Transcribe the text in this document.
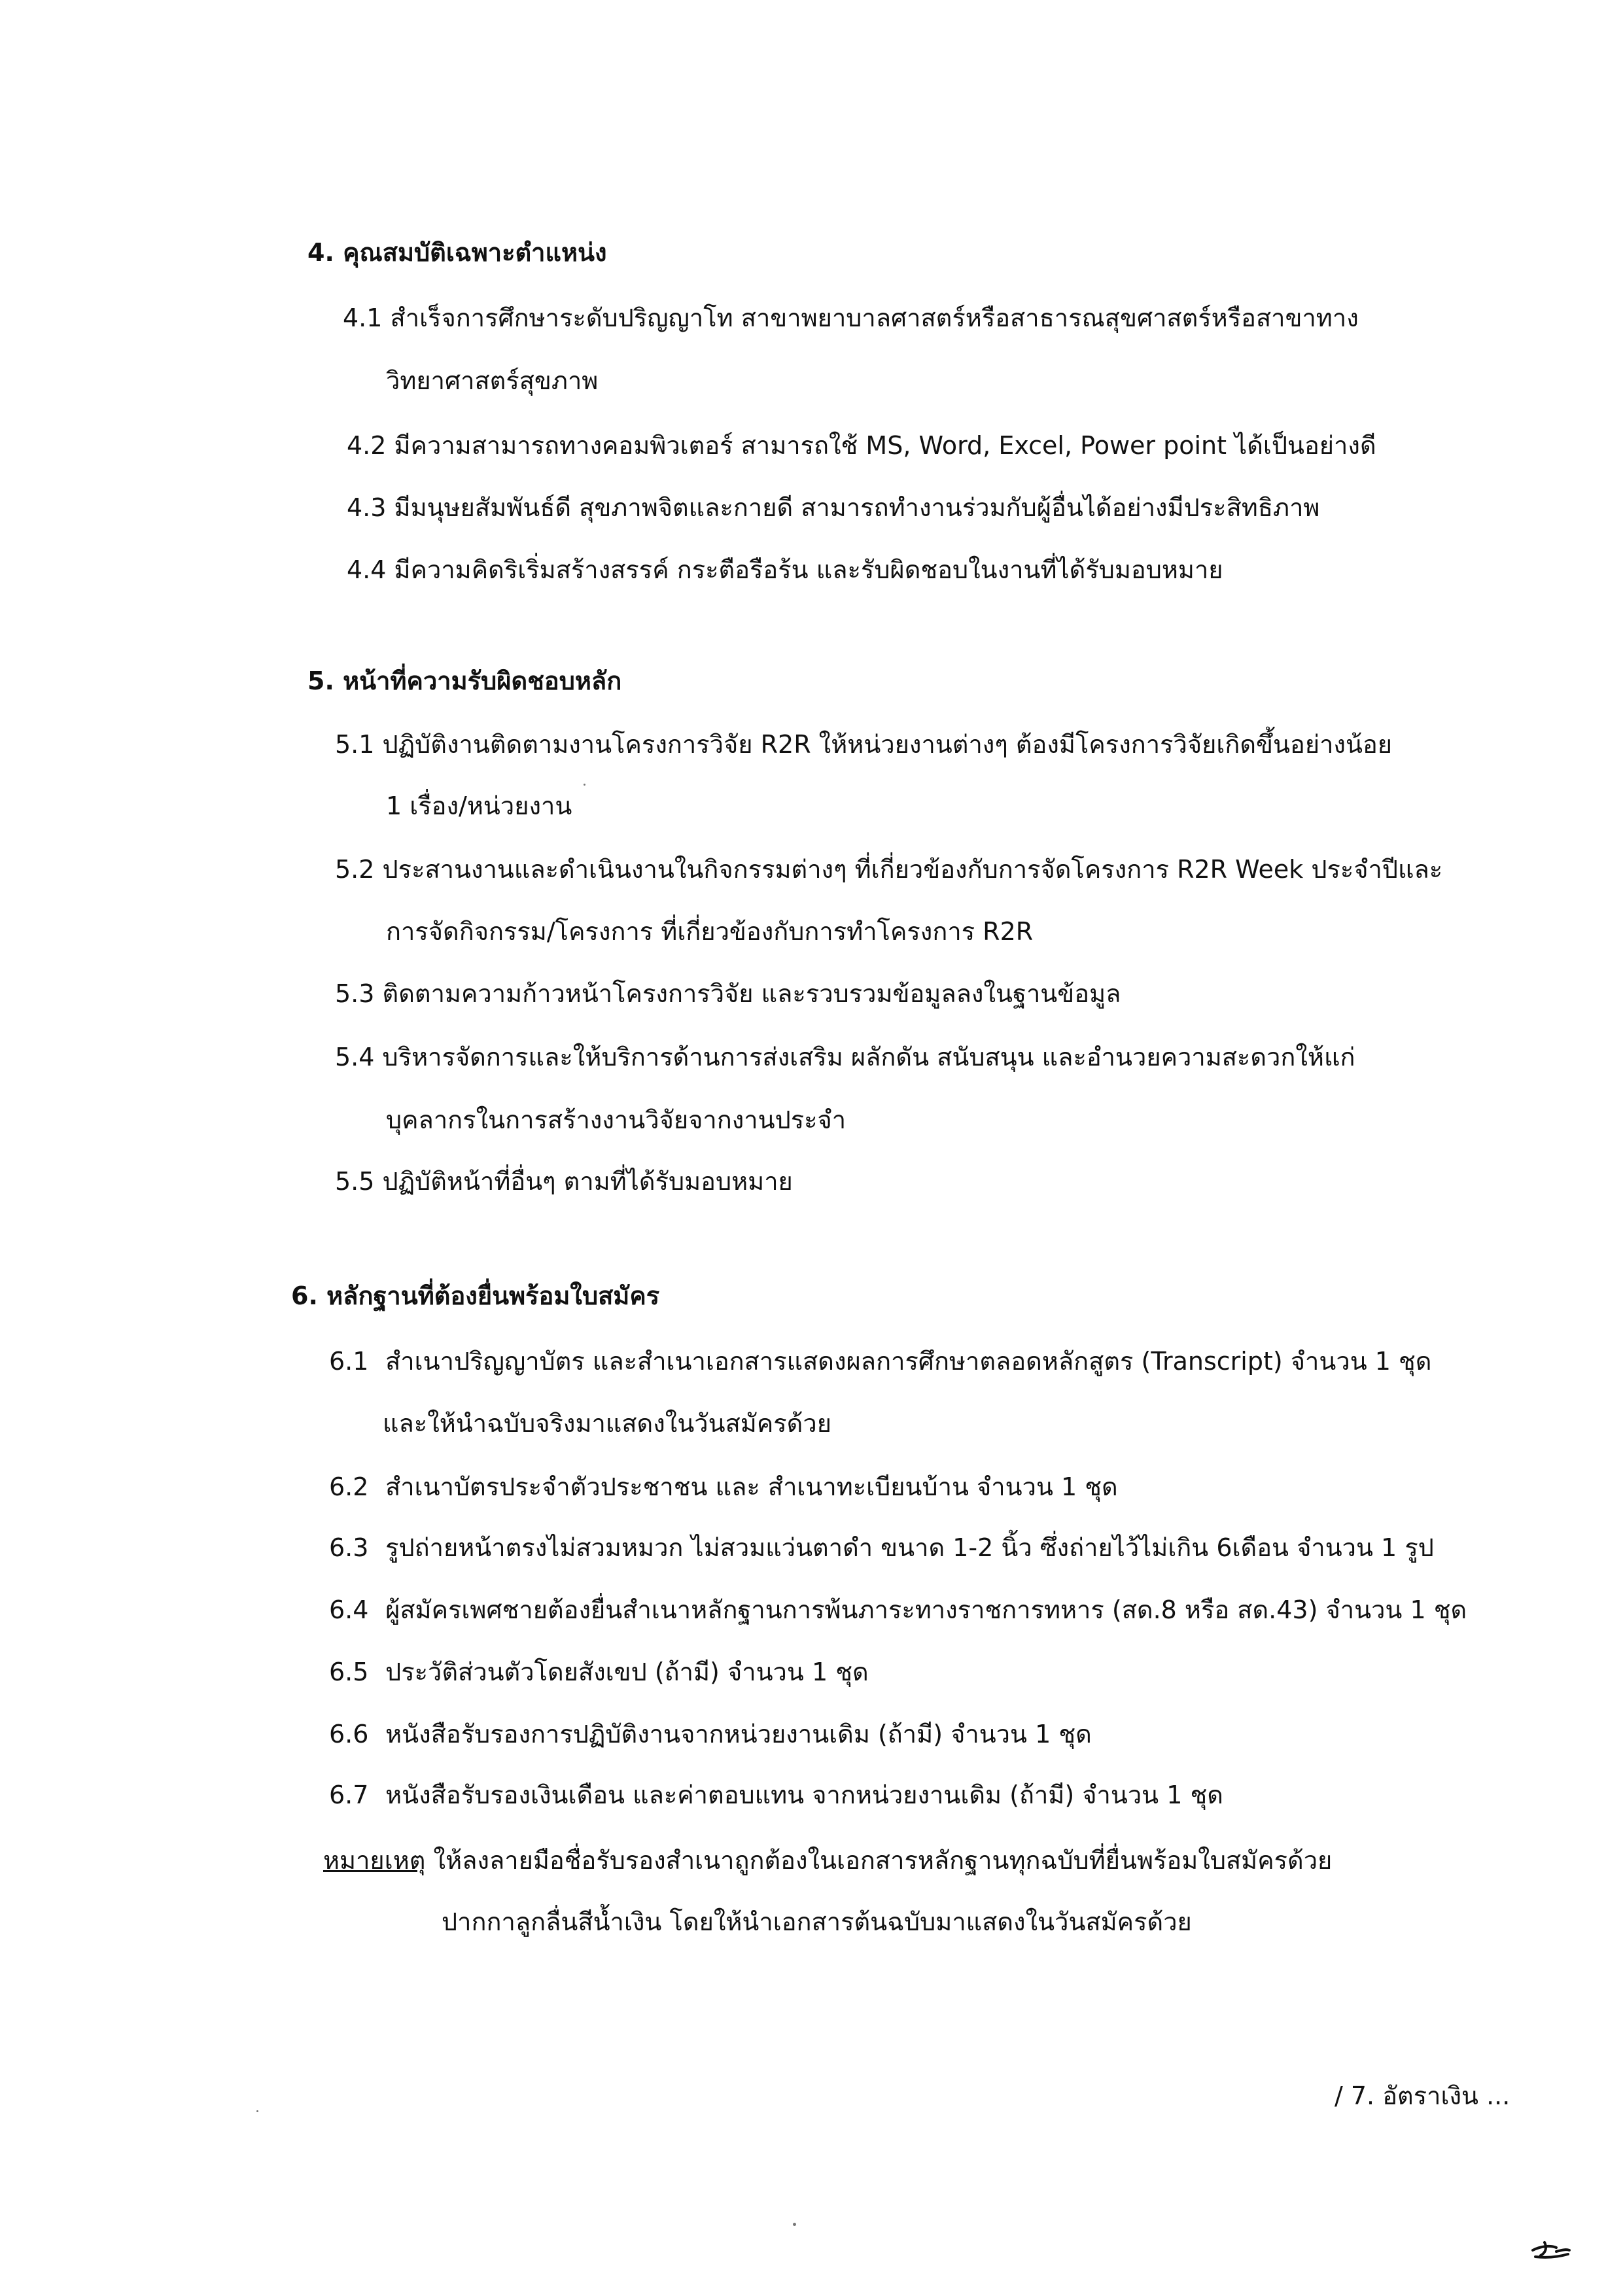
4. คุณสมบัติเฉพาะตำแหน่ง
4.1 สำเร็จการศึกษาระดับปริญญาโท สาขาพยาบาลศาสตร์หรือสาธารณสุขศาสตร์หรือสาขาทาง
วิทยาศาสตร์สุขภาพ
4.2 มีความสามารถทางคอมพิวเตอร์ สามารถใช้ MS, Word, Excel, Power point ได้เป็นอย่างดี
4.3 มีมนุษยสัมพันธ์ดี สุขภาพจิตและกายดี สามารถทำงานร่วมกับผู้อื่นได้อย่างมีประสิทธิภาพ
4.4 มีความคิดริเริ่มสร้างสรรค์ กระตือรือร้น และรับผิดชอบในงานที่ได้รับมอบหมาย
5. หน้าที่ความรับผิดชอบหลัก
5.1 ปฏิบัติงานติดตามงานโครงการวิจัย R2R ให้หน่วยงานต่างๆ ต้องมีโครงการวิจัยเกิดขึ้นอย่างน้อย
1 เรื่อง/หน่วยงาน
5.2 ประสานงานและดำเนินงานในกิจกรรมต่างๆ ที่เกี่ยวข้องกับการจัดโครงการ R2R Week ประจำปีและ
การจัดกิจกรรม/โครงการ ที่เกี่ยวข้องกับการทำโครงการ R2R
5.3 ติดตามความก้าวหน้าโครงการวิจัย และรวบรวมข้อมูลลงในฐานข้อมูล
5.4 บริหารจัดการและให้บริการด้านการส่งเสริม ผลักดัน สนับสนุน และอำนวยความสะดวกให้แก่
บุคลากรในการสร้างงานวิจัยจากงานประจำ
5.5 ปฏิบัติหน้าที่อื่นๆ ตามที่ได้รับมอบหมาย
6. หลักฐานที่ต้องยื่นพร้อมใบสมัคร
6.1 สำเนาปริญญาบัตร และสำเนาเอกสารแสดงผลการศึกษาตลอดหลักสูตร (Transcript) จำนวน 1 ชุด
และให้นำฉบับจริงมาแสดงในวันสมัครด้วย
6.2 สำเนาบัตรประจำตัวประชาชน และ สำเนาทะเบียนบ้าน จำนวน 1 ชุด
6.3 รูปถ่ายหน้าตรงไม่สวมหมวก ไม่สวมแว่นตาดำ ขนาด 1-2 นิ้ว ซึ่งถ่ายไว้ไม่เกิน 6เดือน จำนวน 1 รูป
6.4 ผู้สมัครเพศชายต้องยื่นสำเนาหลักฐานการพ้นภาระทางราชการทหาร (สด.8 หรือ สด.43) จำนวน 1 ชุด
6.5 ประวัติส่วนตัวโดยสังเขป (ถ้ามี) จำนวน 1 ชุด
6.6 หนังสือรับรองการปฏิบัติงานจากหน่วยงานเดิม (ถ้ามี) จำนวน 1 ชุด
6.7 หนังสือรับรองเงินเดือน และค่าตอบแทน จากหน่วยงานเดิม (ถ้ามี) จำนวน 1 ชุด
หมายเหตุ ให้ลงลายมือชื่อรับรองสำเนาถูกต้องในเอกสารหลักฐานทุกฉบับที่ยื่นพร้อมใบสมัครด้วย
ปากกาลูกลื่นสีน้ำเงิน โดยให้นำเอกสารต้นฉบับมาแสดงในวันสมัครด้วย
/ 7. อัตราเงิน ...
